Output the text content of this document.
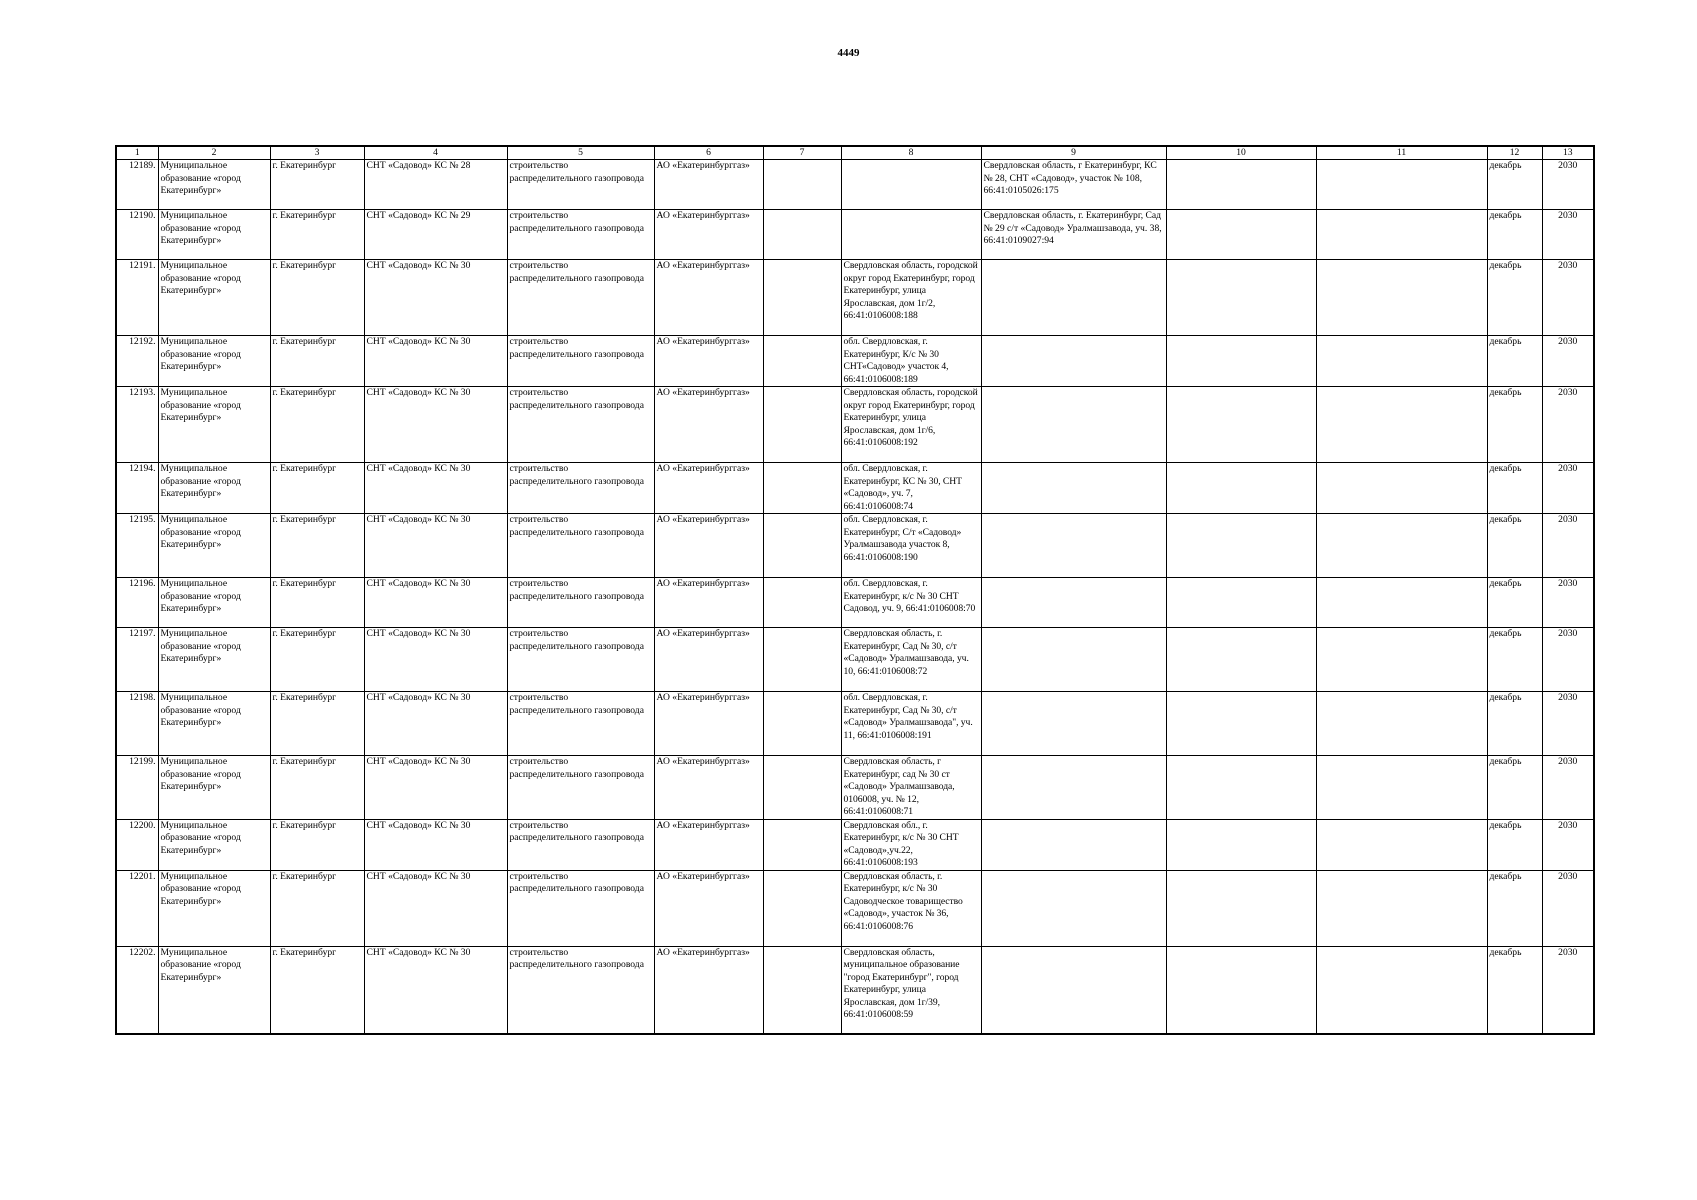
4449
1	2	3	4	5	6	7	8	9	10	11	12	13
12189.	Муниципальное образование «город Екатеринбург»	г. Екатеринбург	СНТ «Садовод» КС № 28	строительство распределительного газопровода	АО «Екатеринбурггаз»			Свердловская область, г Екатеринбург, КС № 28, СНТ «Садовод», участок № 108, 66:41:0105026:175			декабрь	2030
12190.	Муниципальное образование «город Екатеринбург»	г. Екатеринбург	СНТ «Садовод» КС № 29	строительство распределительного газопровода	АО «Екатеринбурггаз»			Свердловская область, г. Екатеринбург, Сад № 29 с/т «Садовод» Уралмашзавода, уч. 38, 66:41:0109027:94			декабрь	2030
12191.	Муниципальное образование «город Екатеринбург»	г. Екатеринбург	СНТ «Садовод» КС № 30	строительство распределительного газопровода	АО «Екатеринбурггаз»		Свердловская область, городской округ город Екатеринбург, город Екатеринбург, улица Ярославская, дом 1г/2, 66:41:0106008:188				декабрь	2030
12192.	Муниципальное образование «город Екатеринбург»	г. Екатеринбург	СНТ «Садовод» КС № 30	строительство распределительного газопровода	АО «Екатеринбурггаз»		обл. Свердловская, г. Екатеринбург, К/с № 30 СНТ«Садовод» участок 4, 66:41:0106008:189				декабрь	2030
12193.	Муниципальное образование «город Екатеринбург»	г. Екатеринбург	СНТ «Садовод» КС № 30	строительство распределительного газопровода	АО «Екатеринбурггаз»		Свердловская область, городской округ город Екатеринбург, город Екатеринбург, улица Ярославская, дом 1г/6, 66:41:0106008:192				декабрь	2030
12194.	Муниципальное образование «город Екатеринбург»	г. Екатеринбург	СНТ «Садовод» КС № 30	строительство распределительного газопровода	АО «Екатеринбурггаз»		обл. Свердловская, г. Екатеринбург, КС № 30, СНТ «Садовод», уч. 7, 66:41:0106008:74				декабрь	2030
12195.	Муниципальное образование «город Екатеринбург»	г. Екатеринбург	СНТ «Садовод» КС № 30	строительство распределительного газопровода	АО «Екатеринбурггаз»		обл. Свердловская, г. Екатеринбург, С/т «Садовод» Уралмашзавода участок 8, 66:41:0106008:190				декабрь	2030
12196.	Муниципальное образование «город Екатеринбург»	г. Екатеринбург	СНТ «Садовод» КС № 30	строительство распределительного газопровода	АО «Екатеринбурггаз»		обл. Свердловская, г. Екатеринбург, к/с № 30 СНТ Садовод, уч. 9, 66:41:0106008:70				декабрь	2030
12197.	Муниципальное образование «город Екатеринбург»	г. Екатеринбург	СНТ «Садовод» КС № 30	строительство распределительного газопровода	АО «Екатеринбурггаз»		Свердловская область, г. Екатеринбург, Сад № 30, с/т «Садовод» Уралмашзавода, уч. 10, 66:41:0106008:72				декабрь	2030
12198.	Муниципальное образование «город Екатеринбург»	г. Екатеринбург	СНТ «Садовод» КС № 30	строительство распределительного газопровода	АО «Екатеринбурггаз»		обл. Свердловская, г. Екатеринбург, Сад № 30, с/т «Садовод» Уралмашзавода", уч. 11, 66:41:0106008:191				декабрь	2030
12199.	Муниципальное образование «город Екатеринбург»	г. Екатеринбург	СНТ «Садовод» КС № 30	строительство распределительного газопровода	АО «Екатеринбурггаз»		Свердловская область, г Екатеринбург, сад № 30 ст «Садовод» Уралмашзавода, 0106008, уч. № 12, 66:41:0106008:71				декабрь	2030
12200.	Муниципальное образование «город Екатеринбург»	г. Екатеринбург	СНТ «Садовод» КС № 30	строительство распределительного газопровода	АО «Екатеринбурггаз»		Свердловская обл., г. Екатеринбург, к/с № 30 СНТ «Садовод»,уч.22, 66:41:0106008:193				декабрь	2030
12201.	Муниципальное образование «город Екатеринбург»	г. Екатеринбург	СНТ «Садовод» КС № 30	строительство распределительного газопровода	АО «Екатеринбурггаз»		Свердловская область, г. Екатеринбург, к/с № 30 Садоводческое товарищество «Садовод», участок № 36, 66:41:0106008:76				декабрь	2030
12202.	Муниципальное образование «город Екатеринбург»	г. Екатеринбург	СНТ «Садовод» КС № 30	строительство распределительного газопровода	АО «Екатеринбурггаз»		Свердловская область, муниципальное образование "город Екатеринбург", город Екатеринбург, улица Ярославская, дом 1г/39, 66:41:0106008:59				декабрь	2030
